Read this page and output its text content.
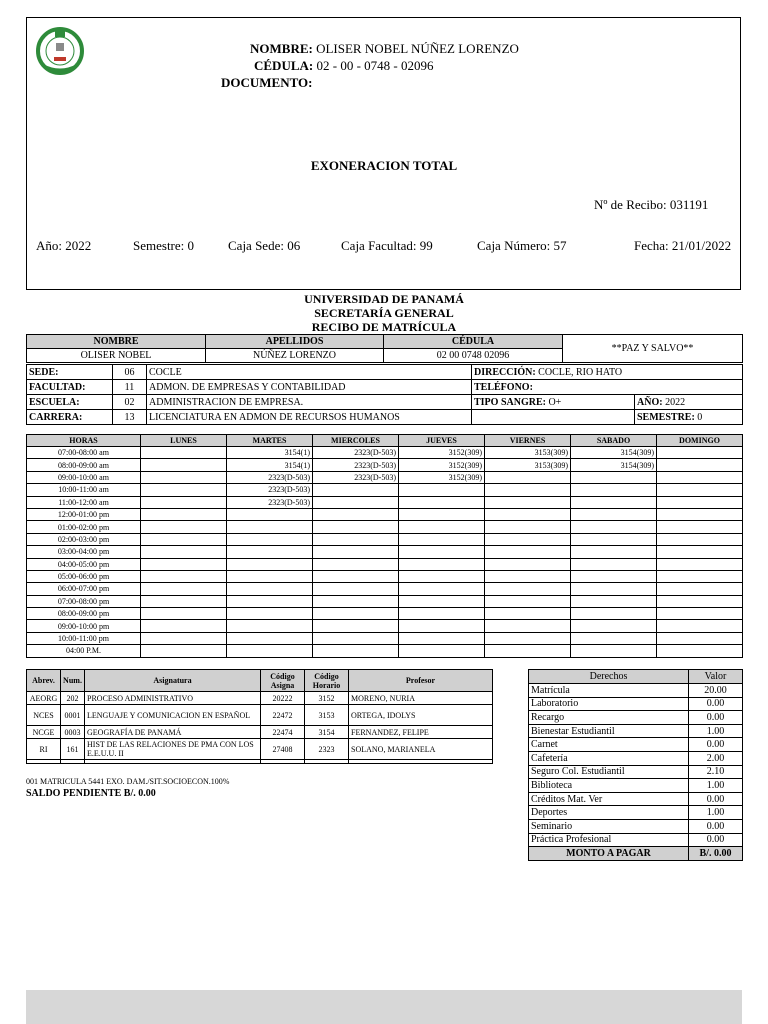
NOMBRE: OLISER NOBEL NÚÑEZ LORENZO
CÉDULA: 02 - 00 - 0748 - 02096
DOCUMENTO:
EXONERACION TOTAL
Nº de Recibo: 031191
Año: 2022	Semestre: 0	Caja Sede: 06	Caja Facultad: 99	Caja Número: 57	Fecha: 21/01/2022
UNIVERSIDAD DE PANAMÁ
SECRETARÍA GENERAL
RECIBO DE MATRÍCULA
NOMBRE	APELLIDOS	CÉDULA	**PAZ Y SALVO**
OLISER NOBEL	NÚÑEZ LORENZO	02 00 0748 02096	
SEDE:	06	COCLE	DIRECCIÓN: COCLE, RIO HATO	
FACULTAD:	11	ADMON. DE EMPRESAS Y CONTABILIDAD	TELÉFONO:	
ESCUELA:	02	ADMINISTRACION DE EMPRESA.	TIPO SANGRE: O+	AÑO: 2022
CARRERA:	13	LICENCIATURA EN ADMON DE RECURSOS HUMANOS		SEMESTRE: 0
HORAS	LUNES	MARTES	MIERCOLES	JUEVES	VIERNES	SABADO	DOMINGO
07:00-08:00 am		3154(1)	2323(D-503)	3152(309)	3153(309)	3154(309)	
08:00-09:00 am		3154(1)	2323(D-503)	3152(309)	3153(309)	3154(309)	
09:00-10:00 am		2323(D-503)	2323(D-503)	3152(309)			
10:00-11:00 am		2323(D-503)					
11:00-12:00 am		2323(D-503)					
12:00-01:00 pm							
01:00-02:00 pm							
02:00-03:00 pm							
03:00-04:00 pm							
04:00-05:00 pm							
05:00-06:00 pm							
06:00-07:00 pm							
07:00-08:00 pm							
08:00-09:00 pm							
09:00-10:00 pm							
10:00-11:00 pm							
04:00 P.M.							
Abrev.	Num.	Asignatura	Código Asigna	Código Horario	Profesor
AEORG	202	PROCESO ADMINISTRATIVO	20222	3152	MORENO, NURIA
NCES	0001	LENGUAJE Y COMUNICACION EN ESPAÑOL	22472	3153	ORTEGA, IDOLYS
NCGE	0003	GEOGRAFÍA DE PANAMÁ	22474	3154	FERNANDEZ, FELIPE
RI	161	HIST DE LAS RELACIONES DE PMA CON LOS E.E.U.U. II	27408	2323	SOLANO, MARIANELA

001 MATRICULA 5441 EXO. DAM./SIT.SOCIOECON.100%
SALDO PENDIENTE B/. 0.00
Derechos	Valor
Matrícula	20.00
Laboratorio	0.00
Recargo	0.00
Bienestar Estudiantil	1.00
Carnet	0.00
Cafetería	2.00
Seguro Col. Estudiantil	2.10
Biblioteca	1.00
Créditos Mat. Ver	0.00
Deportes	1.00
Seminario	0.00
Práctica Profesional	0.00
MONTO A PAGAR	B/. 0.00
